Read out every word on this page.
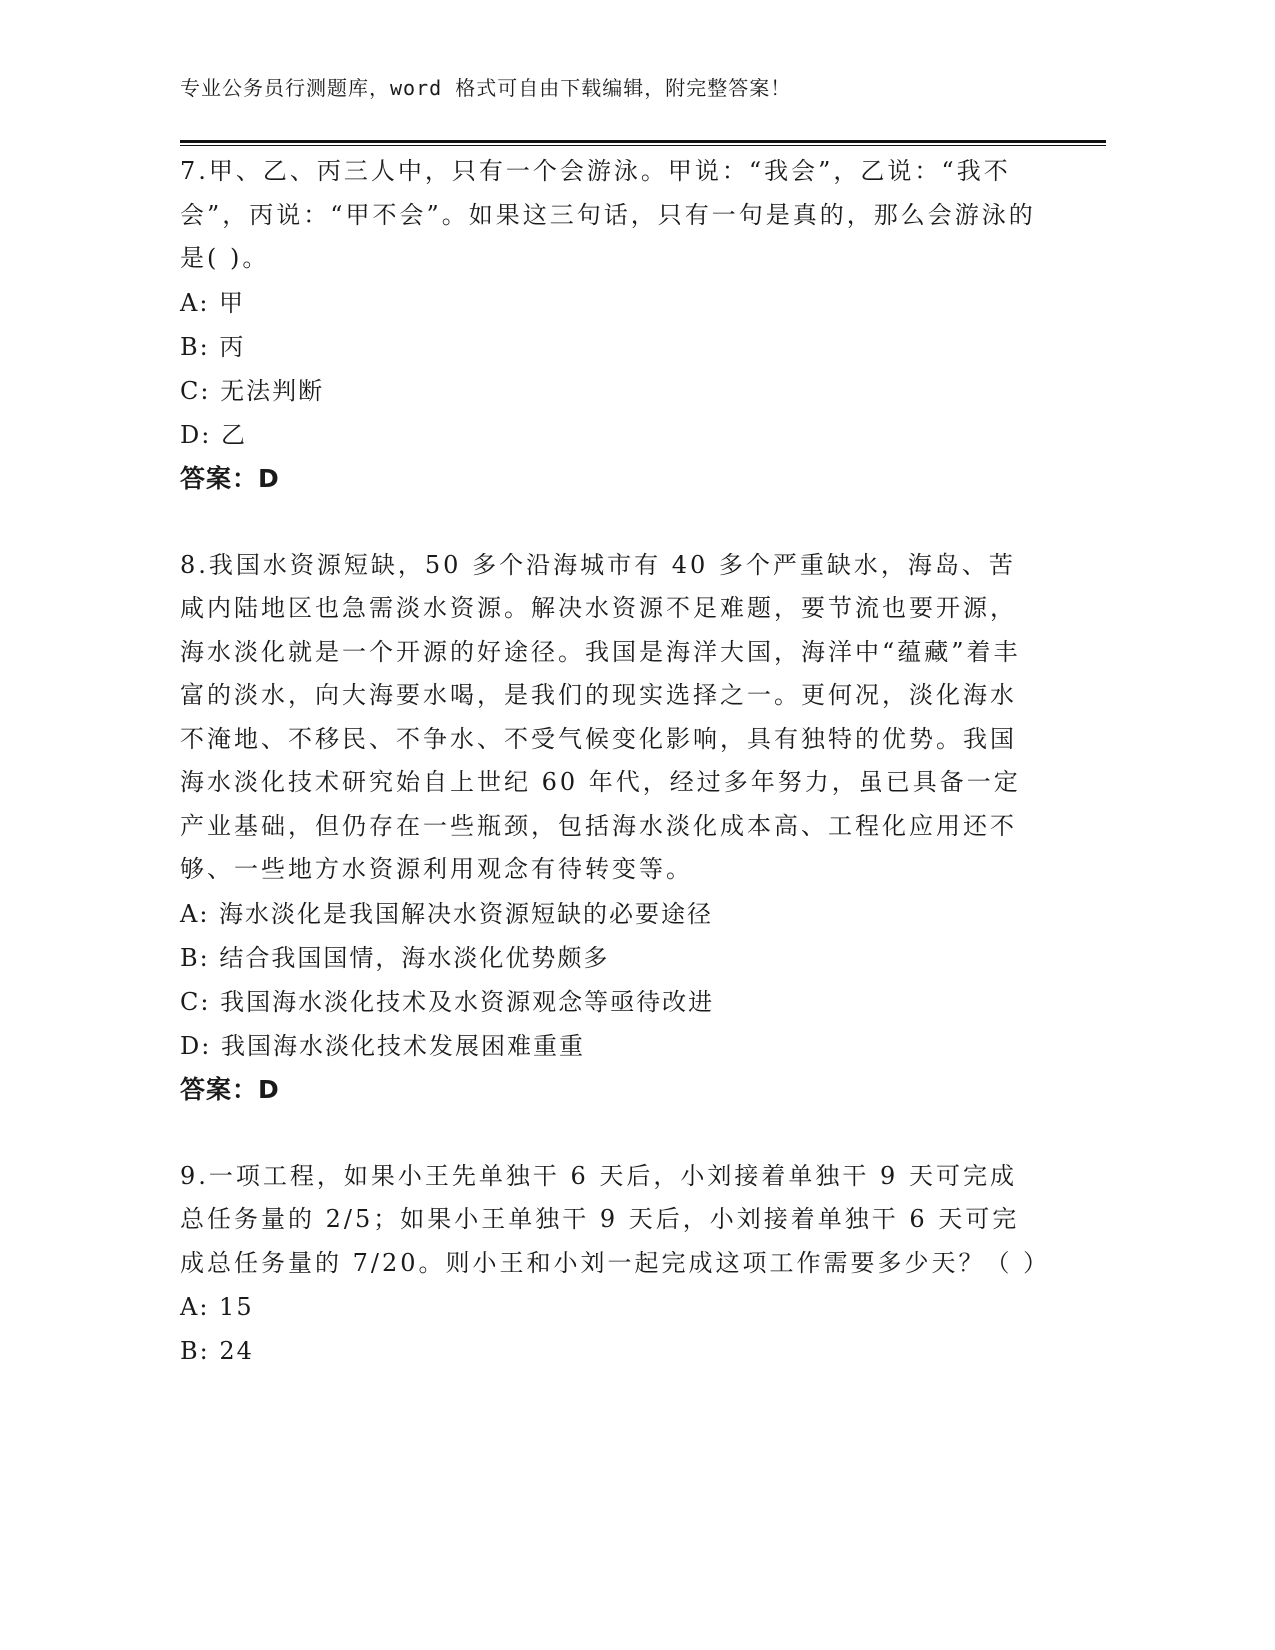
专业公务员行测题库，word 格式可自由下载编辑，附完整答案！

7.甲、乙、丙三人中，只有一个会游泳。甲说：“我会”，乙说：“我不会”，丙说：“甲不会”。如果这三句话，只有一句是真的，那么会游泳的是( )。

A: 甲

B: 丙

C: 无法判断

D: 乙

答案：D

8.我国水资源短缺，50 多个沿海城市有 40 多个严重缺水，海岛、苦咸内陆地区也急需淡水资源。解决水资源不足难题，要节流也要开源，海水淡化就是一个开源的好途径。我国是海洋大国，海洋中“蕴藏”着丰富的淡水，向大海要水喝，是我们的现实选择之一。更何况，淡化海水不淹地、不移民、不争水、不受气候变化影响，具有独特的优势。我国海水淡化技术研究始自上世纪 60 年代，经过多年努力，虽已具备一定产业基础，但仍存在一些瓶颈，包括海水淡化成本高、工程化应用还不够、一些地方水资源利用观念有待转变等。

A: 海水淡化是我国解决水资源短缺的必要途径

B: 结合我国国情，海水淡化优势颇多

C: 我国海水淡化技术及水资源观念等亟待改进

D: 我国海水淡化技术发展困难重重

答案：D

9.一项工程，如果小王先单独干 6 天后，小刘接着单独干 9 天可完成总任务量的 2/5；如果小王单独干 9 天后，小刘接着单独干 6 天可完成总任务量的 7/20。则小王和小刘一起完成这项工作需要多少天？（ ）

A: 15

B: 24
